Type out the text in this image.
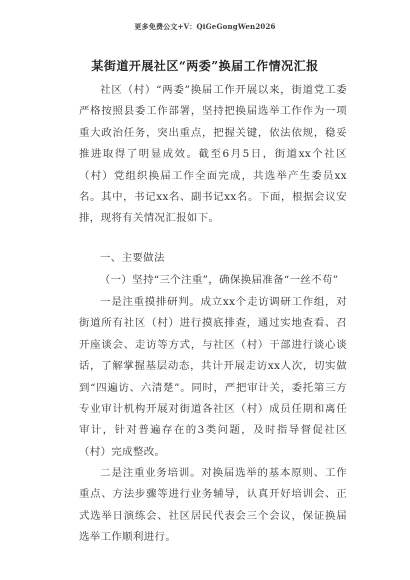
更多免费公文+V：QiGeGongWen2026
某街道开展社区“两委”换届工作情况汇报
社区（村）“两委”换届工作开展以来，街道党工委严格按照县委工作部署，坚持把换届选举工作作为一项重大政治任务，突出重点，把握关键，依法依规，稳妥推进取得了明显成效。截至6月5日，街道xx个社区（村）党组织换届工作全面完成，共选举产生委员xx名。其中，书记xx名、副书记xx名。下面，根据会议安排，现将有关情况汇报如下。
一、主要做法
（一）坚持“三个注重”，确保换届准备“一丝不苟”
一是注重摸排研判。成立xx个走访调研工作组，对街道所有社区（村）进行摸底排查，通过实地查看、召开座谈会、走访等方式，与社区（村）干部进行谈心谈话，了解掌握基层动态，共计开展走访xx人次，切实做到“四遍访、六清楚”。同时，严把审计关，委托第三方专业审计机构开展对街道各社区（村）成员任期和离任审计，针对普遍存在的3类问题，及时指导督促社区（村）完成整改。
二是注重业务培训。对换届选举的基本原则、工作重点、方法步骤等进行业务辅导，认真开好培训会、正式选举日演练会、社区居民代表会三个会议，保证换届选举工作顺利进行。
